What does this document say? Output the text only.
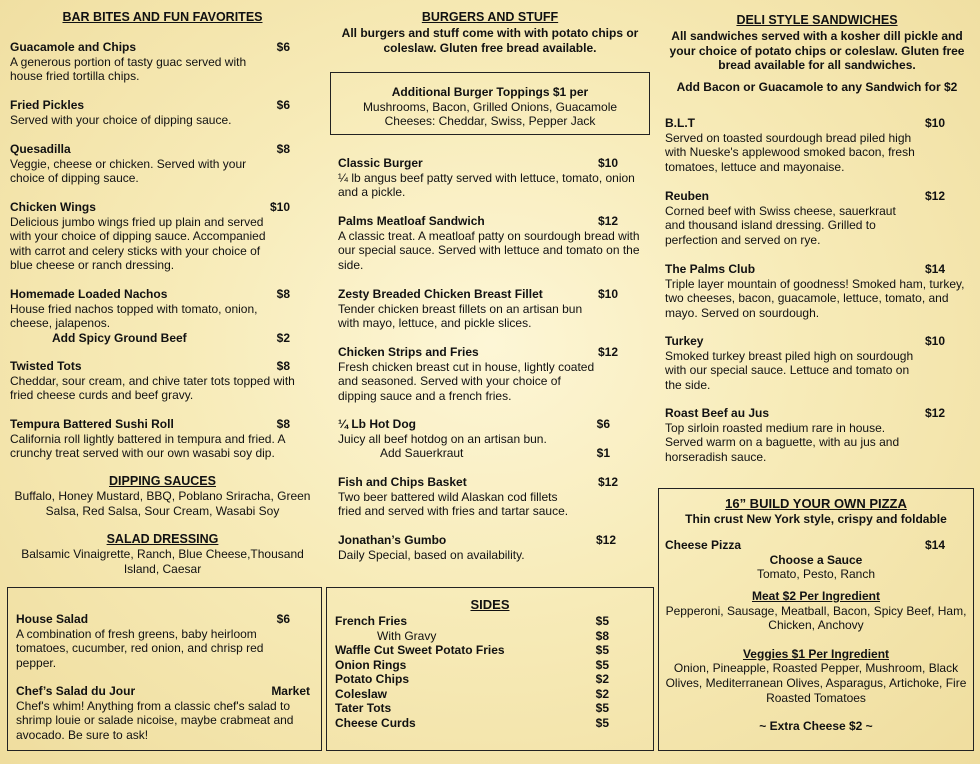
BAR BITES AND FUN FAVORITES
Guacamole and Chips	$6
A generous portion of tasty guac served with house fried tortilla chips.
Fried Pickles	$6
Served with your choice of dipping sauce.
Quesadilla	$8
Veggie, cheese or chicken. Served with your choice of dipping sauce.
Chicken Wings	$10
Delicious jumbo wings fried up plain and served with your choice of dipping sauce. Accompanied with carrot and celery sticks with your choice of blue cheese or ranch dressing.
Homemade Loaded Nachos	$8
House fried nachos topped with tomato, onion, cheese, jalapenos.
Add Spicy Ground Beef	$2
Twisted Tots	$8
Cheddar, sour cream, and chive tater tots topped with fried cheese curds and beef gravy.
Tempura Battered Sushi Roll	$8
California roll lightly battered in tempura and fried. A crunchy treat served with our own wasabi soy dip.
DIPPING SAUCES
Buffalo, Honey Mustard, BBQ, Poblano Sriracha, Green Salsa, Red Salsa, Sour Cream, Wasabi Soy
SALAD DRESSING
Balsamic Vinaigrette, Ranch, Blue Cheese,Thousand Island, Caesar
House Salad	$6
A combination of fresh greens, baby heirloom tomatoes, cucumber, red onion, and chrisp red pepper.
Chef’s Salad du Jour	Market
Chef's whim! Anything from a classic chef's salad to shrimp louie or salade nicoise, maybe crabmeat and avocado. Be sure to ask!
BURGERS AND STUFF
All burgers and stuff come with with potato chips or coleslaw. Gluten free bread available.
Additional Burger Toppings $1 per
Mushrooms, Bacon, Grilled Onions, Guacamole
Cheeses: Cheddar, Swiss, Pepper Jack
Classic Burger	$10
¼ lb angus beef patty served with lettuce, tomato, onion and a pickle.
Palms Meatloaf Sandwich	$12
A classic treat. A meatloaf patty on sourdough bread with our special sauce. Served with lettuce and tomato on the side.
Zesty Breaded Chicken Breast Fillet	$10
Tender chicken breast fillets on an artisan bun with mayo, lettuce, and pickle slices.
Chicken Strips and Fries	$12
Fresh chicken breast cut in house, lightly coated and seasoned. Served with your choice of dipping sauce and a french fries.
¼ Lb Hot Dog	$6
Juicy all beef hotdog on an artisan bun.
Add Sauerkraut	$1
Fish and Chips Basket	$12
Two beer battered wild Alaskan cod fillets fried and served with fries and tartar sauce.
Jonathan’s Gumbo	$12
Daily Special, based on availability.
SIDES
French Fries	$5
With Gravy	$8
Waffle Cut Sweet Potato Fries	$5
Onion Rings	$5
Potato Chips	$2
Coleslaw	$2
Tater Tots	$5
Cheese Curds	$5
DELI STYLE SANDWICHES
All sandwiches served with a kosher dill pickle and your choice of potato chips or coleslaw. Gluten free bread available for all sandwiches.
Add Bacon or Guacamole to any Sandwich for $2
B.L.T	$10
Served on toasted sourdough bread piled high with Nueske's applewood smoked bacon, fresh tomatoes, lettuce and mayonaise.
Reuben	$12
Corned beef with Swiss cheese, sauerkraut and thousand island dressing. Grilled to perfection and served on rye.
The Palms Club	$14
Triple layer mountain of goodness! Smoked ham, turkey, two cheeses, bacon, guacamole, lettuce, tomato, and mayo. Served on sourdough.
Turkey	$10
Smoked turkey breast piled high on sourdough with our special sauce. Lettuce and tomato on the side.
Roast Beef au Jus	$12
Top sirloin roasted medium rare in house. Served warm on a baguette, with au jus and horseradish sauce.
16” BUILD YOUR OWN PIZZA
Thin crust New York style, crispy and foldable
Cheese Pizza	$14
Choose a Sauce
Tomato, Pesto, Ranch
Meat $2 Per Ingredient
Pepperoni, Sausage, Meatball, Bacon, Spicy Beef, Ham, Chicken, Anchovy
Veggies $1 Per Ingredient
Onion, Pineapple, Roasted Pepper, Mushroom, Black Olives, Mediterranean Olives, Asparagus, Artichoke, Fire Roasted Tomatoes
~ Extra Cheese $2 ~
